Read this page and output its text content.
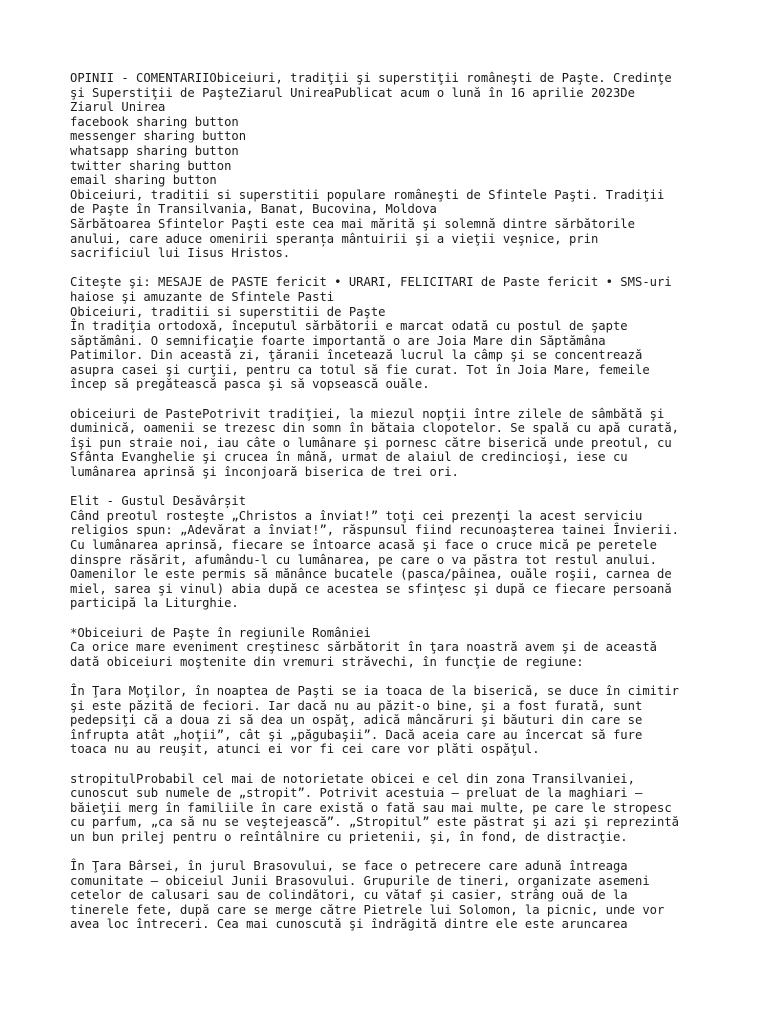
OPINII - COMENTARIIObiceiuri, tradiţii şi superstiţii româneşti de Paşte. Credinţe
şi Superstiţii de PaşteZiarul UnireaPublicat acum o lună în 16 aprilie 2023De
Ziarul Unirea
facebook sharing button
messenger sharing button
whatsapp sharing button
twitter sharing button
email sharing button
Obiceiuri, traditii si superstitii populare româneşti de Sfintele Paşti. Tradiţii
de Paşte în Transilvania, Banat, Bucovina, Moldova
Sărbătoarea Sfintelor Paşti este cea mai mărită şi solemnă dintre sărbătorile
anului, care aduce omenirii speranța mântuirii şi a vieţii veşnice, prin
sacrificiul lui Iisus Hristos.
Citeşte şi: MESAJE de PASTE fericit • URARI, FELICITARI de Paste fericit • SMS-uri
haiose şi amuzante de Sfintele Pasti
Obiceiuri, traditii si superstitii de Paşte
În tradiţia ortodoxă, începutul sărbătorii e marcat odată cu postul de şapte
săptămâni. O semnificaţie foarte importantă o are Joia Mare din Săptămâna
Patimilor. Din această zi, ţăranii încetează lucrul la câmp şi se concentrează
asupra casei şi curţii, pentru ca totul să fie curat. Tot în Joia Mare, femeile
încep să pregătească pasca şi să vopsească ouăle.
obiceiuri de PastePotrivit tradiţiei, la miezul nopţii între zilele de sâmbătă şi
duminică, oamenii se trezesc din somn în bătaia clopotelor. Se spală cu apă curată,
îşi pun straie noi, iau câte o lumânare şi pornesc către biserică unde preotul, cu
Sfânta Evanghelie şi crucea în mână, urmat de alaiul de credincioşi, iese cu
lumânarea aprinsă şi înconjoară biserica de trei ori.
Elit - Gustul Desăvârșit
Când preotul rosteşte „Christos a înviat!” toţi cei prezenţi la acest serviciu
religios spun: „Adevărat a înviat!”, răspunsul fiind recunoaşterea tainei Învierii.
Cu lumânarea aprinsă, fiecare se întoarce acasă şi face o cruce mică pe peretele
dinspre răsărit, afumându-l cu lumânarea, pe care o va păstra tot restul anului.
Oamenilor le este permis să mănânce bucatele (pasca/pâinea, ouăle roşii, carnea de
miel, sarea şi vinul) abia după ce acestea se sfinţesc şi după ce fiecare persoană
participă la Liturghie.
*Obiceiuri de Paşte în regiunile României
Ca orice mare eveniment creştinesc sărbătorit în ţara noastră avem şi de această
dată obiceiuri moştenite din vremuri străvechi, în funcţie de regiune:
În Ţara Moţilor, în noaptea de Paşti se ia toaca de la biserică, se duce în cimitir
şi este păzită de feciori. Iar dacă nu au păzit-o bine, şi a fost furată, sunt
pedepsiţi că a doua zi să dea un ospăţ, adică mâncăruri şi băuturi din care se
înfrupta atât „hoţii”, cât şi „păgubaşii”. Dacă aceia care au încercat să fure
toaca nu au reuşit, atunci ei vor fi cei care vor plăti ospăţul.
stropitulProbabil cel mai de notorietate obicei e cel din zona Transilvaniei,
cunoscut sub numele de „stropit”. Potrivit acestuia – preluat de la maghiari –
băieţii merg în familiile în care există o fată sau mai multe, pe care le stropesc
cu parfum, „ca să nu se veştejească”. „Stropitul” este păstrat şi azi şi reprezintă
un bun prilej pentru o reîntâlnire cu prietenii, şi, în fond, de distracţie.
În Ţara Bârsei, în jurul Brasovului, se face o petrecere care adună întreaga
comunitate – obiceiul Junii Brasovului. Grupurile de tineri, organizate asemeni
cetelor de calusari sau de colindători, cu vătaf şi casier, strâng ouă de la
tinerele fete, după care se merge către Pietrele lui Solomon, la picnic, unde vor
avea loc întreceri. Cea mai cunoscută şi îndrăgită dintre ele este aruncarea
